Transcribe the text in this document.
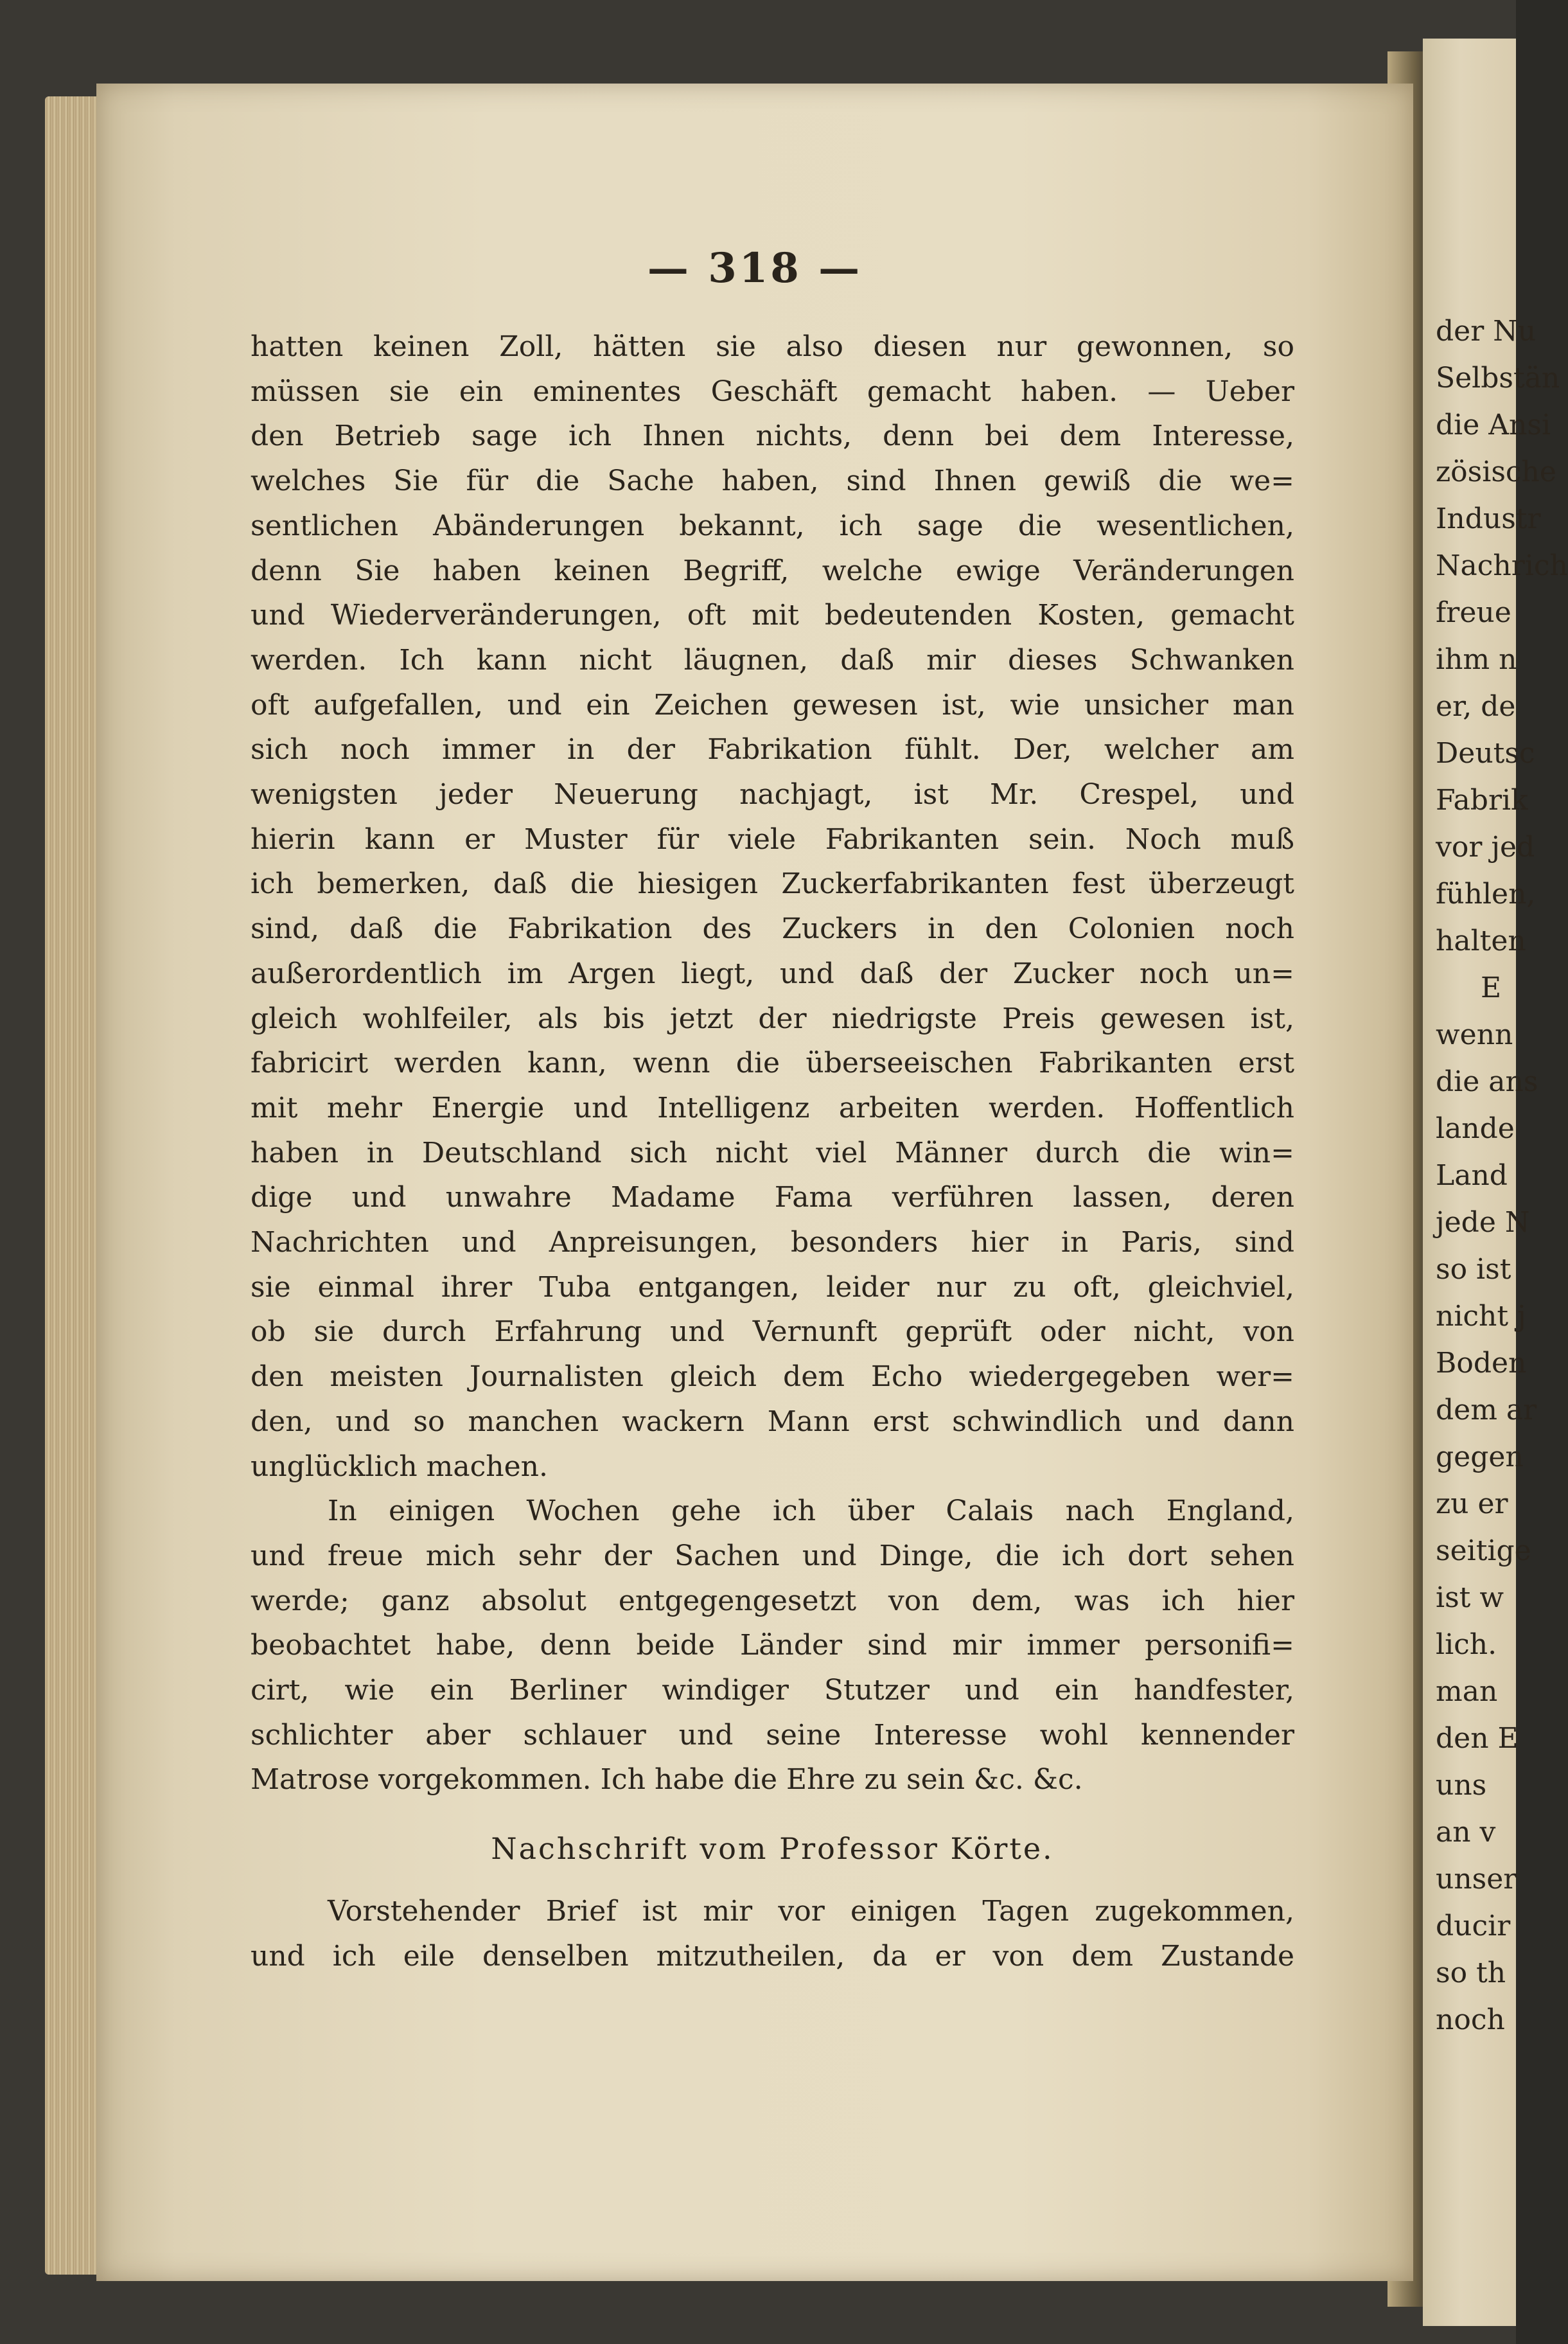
der Nu
Selbstän
die Ansi
zösische
Industr
Nachrich
freue
ihm n
er, de
Deutsc
Fabrik
vor jed
fühlen,
halten
E
wenn
die ans
lande
Land
jede N
so ist
nicht j
Boden
dem ar
gegen
zu er
seitige
ist w
lich.
man
den E
uns
an v
unser
ducir
so th
noch
— 318 —
hatten keinen Zoll, hätten sie also diesen nur gewonnen, so
müssen sie ein eminentes Geschäft gemacht haben. — Ueber
den Betrieb sage ich Ihnen nichts, denn bei dem Interesse,
welches Sie für die Sache haben, sind Ihnen gewiß die we=
sentlichen Abänderungen bekannt, ich sage die wesentlichen,
denn Sie haben keinen Begriff, welche ewige Veränderungen
und Wiederveränderungen, oft mit bedeutenden Kosten, gemacht
werden. Ich kann nicht läugnen, daß mir dieses Schwanken
oft aufgefallen, und ein Zeichen gewesen ist, wie unsicher man
sich noch immer in der Fabrikation fühlt. Der, welcher am
wenigsten jeder Neuerung nachjagt, ist Mr. Crespel, und
hierin kann er Muster für viele Fabrikanten sein. Noch muß
ich bemerken, daß die hiesigen Zuckerfabrikanten fest überzeugt
sind, daß die Fabrikation des Zuckers in den Colonien noch
außerordentlich im Argen liegt, und daß der Zucker noch un=
gleich wohlfeiler, als bis jetzt der niedrigste Preis gewesen ist,
fabricirt werden kann, wenn die überseeischen Fabrikanten erst
mit mehr Energie und Intelligenz arbeiten werden. Hoffentlich
haben in Deutschland sich nicht viel Männer durch die win=
dige und unwahre Madame Fama verführen lassen, deren
Nachrichten und Anpreisungen, besonders hier in Paris, sind
sie einmal ihrer Tuba entgangen, leider nur zu oft, gleichviel,
ob sie durch Erfahrung und Vernunft geprüft oder nicht, von
den meisten Journalisten gleich dem Echo wiedergegeben wer=
den, und so manchen wackern Mann erst schwindlich und dann
unglücklich machen.
In einigen Wochen gehe ich über Calais nach England,
und freue mich sehr der Sachen und Dinge, die ich dort sehen
werde; ganz absolut entgegengesetzt von dem, was ich hier
beobachtet habe, denn beide Länder sind mir immer personifi=
cirt, wie ein Berliner windiger Stutzer und ein handfester,
schlichter aber schlauer und seine Interesse wohl kennender
Matrose vorgekommen. Ich habe die Ehre zu sein &c. &c.
Nachschrift vom Professor Körte.
Vorstehender Brief ist mir vor einigen Tagen zugekommen,
und ich eile denselben mitzutheilen, da er von dem Zustande
